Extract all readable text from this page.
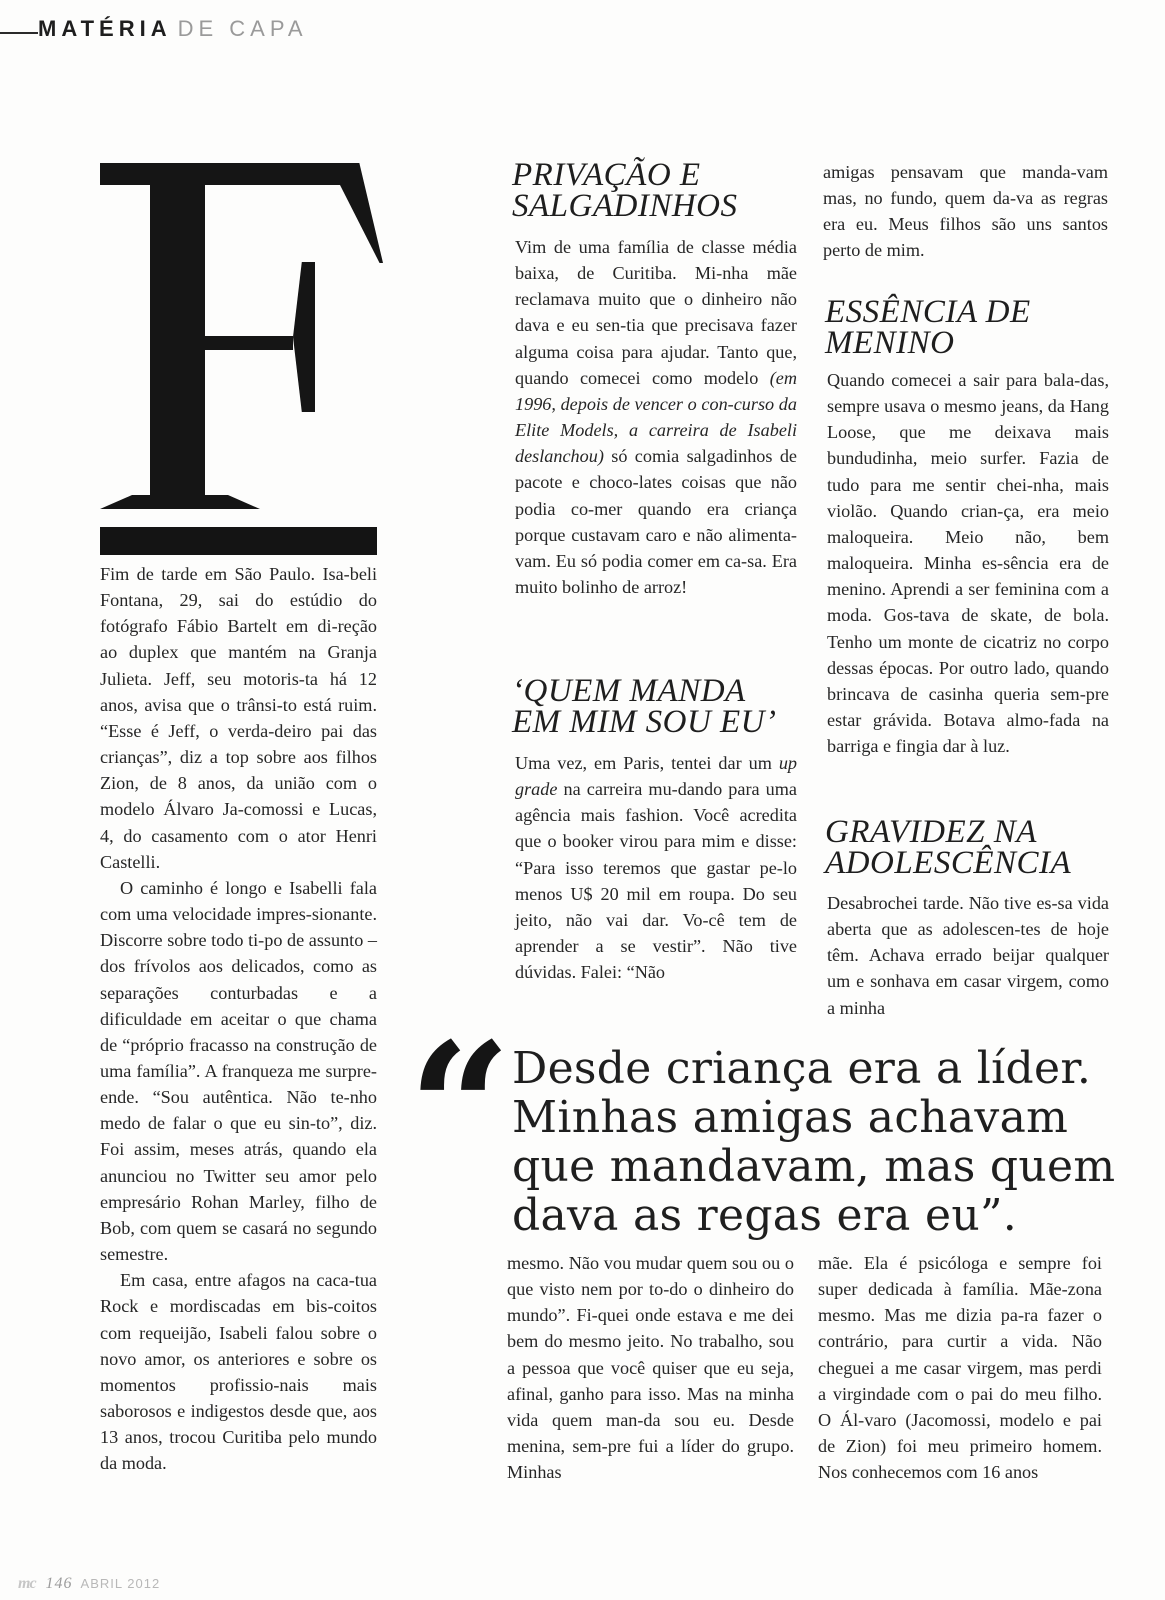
MATÉRIA DE CAPA

Fim de tarde em São Paulo. Isa-beli Fontana, 29, sai do estúdio do fotógrafo Fábio Bartelt em di-reção ao duplex que mantém na Granja Julieta. Jeff, seu motoris-ta há 12 anos, avisa que o trânsi-to está ruim. “Esse é Jeff, o verda-deiro pai das crianças”, diz a top sobre aos filhos Zion, de 8 anos, da união com o modelo Álvaro Ja-comossi e Lucas, 4, do casamento com o ator Henri Castelli.

O caminho é longo e Isabelli fala com uma velocidade impres-sionante. Discorre sobre todo ti-po de assunto – dos frívolos aos delicados, como as separações conturbadas e a dificuldade em aceitar o que chama de “próprio fracasso na construção de uma família”. A franqueza me surpre-ende. “Sou autêntica. Não te-nho medo de falar o que eu sin-to”, diz. Foi assim, meses atrás, quando ela anunciou no Twitter seu amor pelo empresário Rohan Marley, filho de Bob, com quem se casará no segundo semestre.

Em casa, entre afagos na caca-tua Rock e mordiscadas em bis-coitos com requeijão, Isabeli falou sobre o novo amor, os anteriores e sobre os momentos profissio-nais mais saborosos e indigestos desde que, aos 13 anos, trocou Curitiba pelo mundo da moda.

PRIVAÇÃO E
SALGADINHOS

Vim de uma família de classe média baixa, de Curitiba. Mi-nha mãe reclamava muito que o dinheiro não dava e eu sen-tia que precisava fazer alguma coisa para ajudar. Tanto que, quando comecei como modelo (em 1996, depois de vencer o con-curso da Elite Models, a carreira de Isabeli deslanchou) só comia salgadinhos de pacote e choco-lates coisas que não podia co-mer quando era criança porque custavam caro e não alimenta-vam. Eu só podia comer em ca-sa. Era muito bolinho de arroz!

‘QUEM MANDA
EM MIM SOU EU’

Uma vez, em Paris, tentei dar um up grade na carreira mu-dando para uma agência mais fashion. Você acredita que o booker virou para mim e disse: “Para isso teremos que gastar pe-lo menos U$ 20 mil em roupa. Do seu jeito, não vai dar. Vo-cê tem de aprender a se vestir”. Não tive dúvidas. Falei: “Não

amigas pensavam que manda-vam mas, no fundo, quem da-va as regras era eu. Meus filhos são uns santos perto de mim.

ESSÊNCIA DE
MENINO

Quando comecei a sair para bala-das, sempre usava o mesmo jeans, da Hang Loose, que me deixava mais bundudinha, meio surfer. Fazia de tudo para me sentir chei-nha, mais violão. Quando crian-ça, era meio maloqueira. Meio não, bem maloqueira. Minha es-sência era de menino. Aprendi a ser feminina com a moda. Gos-tava de skate, de bola. Tenho um monte de cicatriz no corpo dessas épocas. Por outro lado, quando brincava de casinha queria sem-pre estar grávida. Botava almo-fada na barriga e fingia dar à luz.

GRAVIDEZ NA
ADOLESCÊNCIA

Desabrochei tarde. Não tive es-sa vida aberta que as adolescen-tes de hoje têm. Achava errado beijar qualquer um e sonhava em casar virgem, como a minha

“ Desde criança era a líder.
Minhas amigas achavam
que mandavam, mas quem
dava as regas era eu”.

mesmo. Não vou mudar quem sou ou o que visto nem por to-do o dinheiro do mundo”. Fi-quei onde estava e me dei bem do mesmo jeito. No trabalho, sou a pessoa que você quiser que eu seja, afinal, ganho para isso. Mas na minha vida quem man-da sou eu. Desde menina, sem-pre fui a líder do grupo. Minhas

mãe. Ela é psicóloga e sempre foi super dedicada à família. Mãe-zona mesmo. Mas me dizia pa-ra fazer o contrário, para curtir a vida. Não cheguei a me casar virgem, mas perdi a virgindade com o pai do meu filho. O Ál-varo (Jacomossi, modelo e pai de Zion) foi meu primeiro homem. Nos conhecemos com 16 anos

mc 146 ABRIL 2012
